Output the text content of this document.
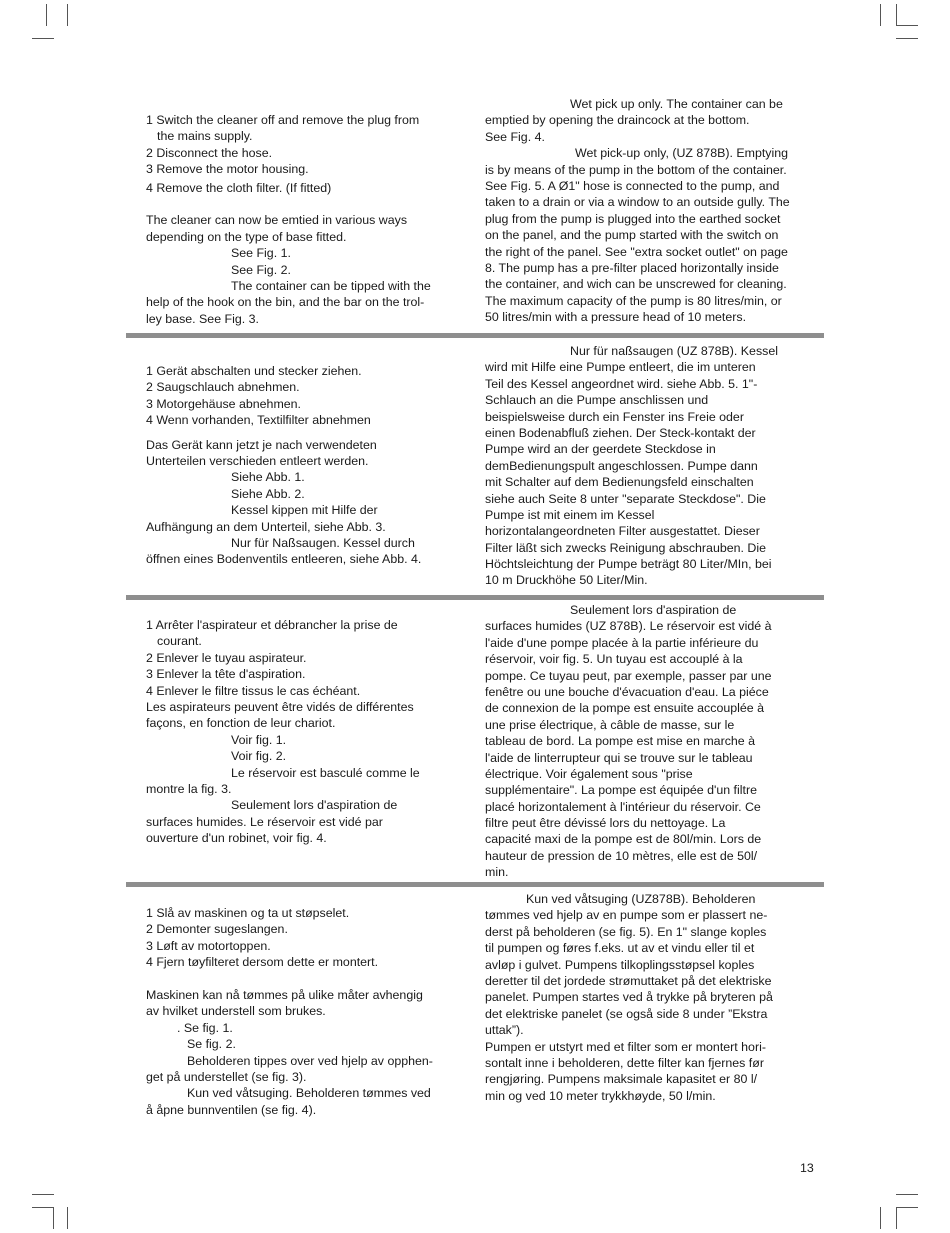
1 Switch the cleaner off and remove the plug from
the mains supply.
2 Disconnect the hose.
3 Remove the motor housing.
4 Remove the cloth filter. (If fitted)
The cleaner can now be emtied in various ways
depending on the type of base fitted.
See Fig. 1.
See Fig. 2.
The container can be tipped with the
help of the hook on the bin, and the bar on the trol-
ley base. See Fig. 3.
Wet pick up only. The container can be
emptied by opening the draincock at the bottom.
See Fig. 4.
Wet pick-up only, (UZ 878B). Emptying
is by means of the pump in the bottom of the container.
See Fig. 5. A Ø1" hose is connected to the pump, and
taken to a drain or via a window to an outside gully. The
plug from the pump is plugged into the earthed socket
on the panel, and the pump started with the switch on
the right of the panel. See "extra socket outlet" on page
8. The pump has a pre-filter placed horizontally inside
the container, and wich can be unscrewed for cleaning.
The maximum capacity of the pump is 80 litres/min, or
50 litres/min with a pressure head of 10 meters.
1 Gerät abschalten und stecker ziehen.
2 Saugschlauch abnehmen.
3 Motorgehäuse abnehmen.
4 Wenn vorhanden, Textilfilter abnehmen
Das Gerät kann jetzt je nach verwendeten
Unterteilen verschieden entleert werden.
Siehe Abb. 1.
Siehe Abb. 2.
Kessel kippen mit Hilfe der
Aufhängung an dem Unterteil, siehe Abb. 3.
Nur für Naßsaugen. Kessel durch
öffnen eines Bodenventils entleeren, siehe Abb. 4.
Nur für naßsaugen (UZ 878B). Kessel
wird mit Hilfe eine Pumpe entleert, die im unteren
Teil des Kessel angeordnet wird. siehe Abb. 5. 1"-
Schlauch an die Pumpe anschlissen und
beispielsweise durch ein Fenster ins Freie oder
einen Bodenabfluß ziehen. Der Steck-kontakt der
Pumpe wird an der geerdete Steckdose in
demBedienungspult angeschlossen. Pumpe dann
mit Schalter auf dem Bedienungsfeld einschalten
siehe auch Seite 8 unter "separate Steckdose". Die
Pumpe ist mit einem im Kessel
horizontalangeordneten Filter ausgestattet. Dieser
Filter läßt sich zwecks Reinigung abschrauben. Die
Höchtsleichtung der Pumpe beträgt 80 Liter/MIn, bei
10 m Druckhöhe 50 Liter/Min.
1 Arrêter l'aspirateur et débrancher la prise de
courant.
2 Enlever le tuyau aspirateur.
3 Enlever la tête d'aspiration.
4 Enlever le filtre tissus le cas échéant.
Les aspirateurs peuvent être vidés de différentes
façons, en fonction de leur chariot.
Voir fig. 1.
Voir fig. 2.
Le réservoir est basculé comme le
montre la fig. 3.
Seulement lors d'aspiration de
surfaces humides. Le réservoir est vidé par
ouverture d'un robinet, voir fig. 4.
Seulement lors d'aspiration de
surfaces humides (UZ 878B). Le réservoir est vidé à
l'aide d'une pompe placée à la partie inférieure du
réservoir, voir fig. 5. Un tuyau est accouplé à la
pompe. Ce tuyau peut, par exemple, passer par une
fenêtre ou une bouche d'évacuation d'eau. La piéce
de connexion de la pompe est ensuite accouplée à
une prise électrique, à câble de masse, sur le
tableau de bord. La pompe est mise en marche à
l'aide de linterrupteur qui se trouve sur le tableau
électrique. Voir également sous "prise
supplémentaire". La pompe est équipée d'un filtre
placé horizontalement à l'intérieur du réservoir. Ce
filtre peut être dévissé lors du nettoyage. La
capacité maxi de la pompe est de 80l/min. Lors de
hauteur de pression de 10 mètres, elle est de 50l/
min.
1 Slå av maskinen og ta ut støpselet.
2 Demonter sugeslangen.
3 Løft av motortoppen.
4 Fjern tøyfilteret dersom dette er montert.
Maskinen kan nå tømmes på ulike måter avhengig
av hvilket understell som brukes.
. Se fig. 1.
Se fig. 2.
Beholderen tippes over ved hjelp av opphen-
get på understellet (se fig. 3).
Kun ved våtsuging. Beholderen tømmes ved
å åpne bunnventilen (se fig. 4).
Kun ved våtsuging (UZ878B). Beholderen
tømmes ved hjelp av en pumpe som er plassert ne-
derst på beholderen (se fig. 5). En 1" slange koples
til pumpen og føres f.eks. ut av et vindu eller til et
avløp i gulvet. Pumpens tilkoplingsstøpsel koples
deretter til det jordede strømuttaket på det elektriske
panelet. Pumpen startes ved å trykke på bryteren på
det elektriske panelet (se også side 8 under ”Ekstra
uttak”).
Pumpen er utstyrt med et filter som er montert hori-
sontalt inne i beholderen, dette filter kan fjernes før
rengjøring. Pumpens maksimale kapasitet er 80 l/
min og ved 10 meter trykkhøyde, 50 l/min.
13
